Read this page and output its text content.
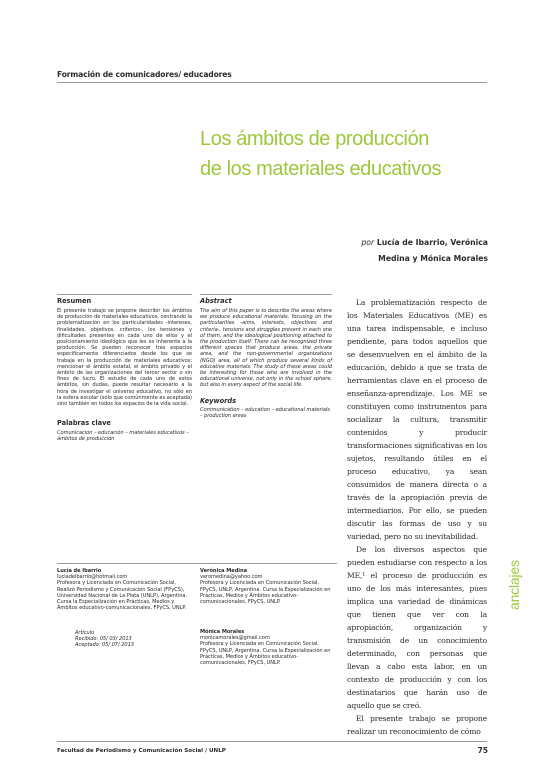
Formación de comunicadores/ educadores
Los ámbitos de producción
de los materiales educativos
por Lucía de Ibarrio, Verónica
Medina y Mónica Morales
Resumen
El presente trabajo se propone describir los ámbitos de producción de materiales educativos, centrando la problematización en los particularidades -intereses, finalidades, objetivos, criterios-, los tensiones y dificultades presentes en cada uno de ellos y el posicionamiento ideológico que les es inherente a la producción. Se pueden reconocer tres espacios específicamente diferenciados desde los que se trabaja en la producción de materiales educativos; mencionar el ámbito estatal, el ámbito privado y el ámbito de las organizaciones del tercer sector o sin fines de lucro. El estudio de cada uno de estos ámbitos, sin dudas, puede resultar necesario a la hora de investigar el universo educativo, no sólo en la esfera escolar (sólo que comúnmente es aceptada) sino también en todos los espacios de la vida social.
Palabras clave
Comunicación – educación – materiales educativos – ámbitos de producción
Abstract
The aim of this paper is to describe the areas where we produce educational materials, focusing on the particularities -aims, interests, objectives and criteria-, tensions and struggles present in each one of them, and the ideological positioning attached to the production itself. There can be recognized three different spaces that produce areas, the private area, and the non-governmental organizations (NGO) area, all of which produce several kinds of educative materials. The study of these areas could be interesting for those who are involved in the educational universe, not only in the school sphere, but also in every aspect of the social life.
Keywords
Communication – education – educational materials – production areas

La problematización respecto de los Materiales Educativos (ME) es una tarea indispensable, e incluso pendiente, para todos aquellos que se desenvuelven en el ámbito de la educación, debido a que se trata de herramientas clave en el proceso de enseñanza-aprendizaje. Los ME se constituyen como instrumentos para socializar la cultura, transmitir contenidos y producir transformaciones significativas en los sujetos, resultando útiles en el proceso educativo, ya sean consumidos de manera directa o a través de la apropiación previa de intermediarios. Por ello, se pueden discutir las formas de uso y su variedad, pero no su inevitabilidad.

De los diversos aspectos que pueden estudiarse con respecto a los ME,¹ el proceso de producción es uno de los más interesantes, pues implica una variedad de dinámicas que tienen que ver con la apropiación, organización y transmisión de un conocimiento determinado, con personas que llevan a cabo esta labor, en un contexto de producción y con los destinatarios que harán uso de aquello que se creó.

El presente trabajo se propone realizar un reconocimiento de cómo

Lucía de Ibarrio

luciadeibarrio@hotmail.com

Profesora y Licenciada en Comunicación Social, Realizó Periodismo y Comunicación Social (FPyCS), Universidad Nacional de La Plata (UNLP), Argentina. Cursa la Especialización en Prácticas, Medios y Ámbitos educativo-comunicacionales, FPyCS, UNLP.

Verónica Medina

veromedina@yahoo.com

Profesora y Licenciada en Comunicación Social, FPyCS, UNLP, Argentina. Cursa la Especialización en Prácticas, Medios y Ámbitos educativo-comunicacionales, FPyCS, UNLP.

Mónica Morales

monicamorales@gmail.com

Profesora y Licenciada en Comunicación Social, FPyCS, UNLP, Argentina. Cursa la Especialización en Prácticas, Medios y Ámbitos educativo-comunicacionales, FPyCS, UNLP.

Artículo

Recibido: 05/ 03/ 2013

Aceptado: 05/ 07/ 2013

anclajes
Facultad de Periodismo y Comunicación Social / UNLP	75
